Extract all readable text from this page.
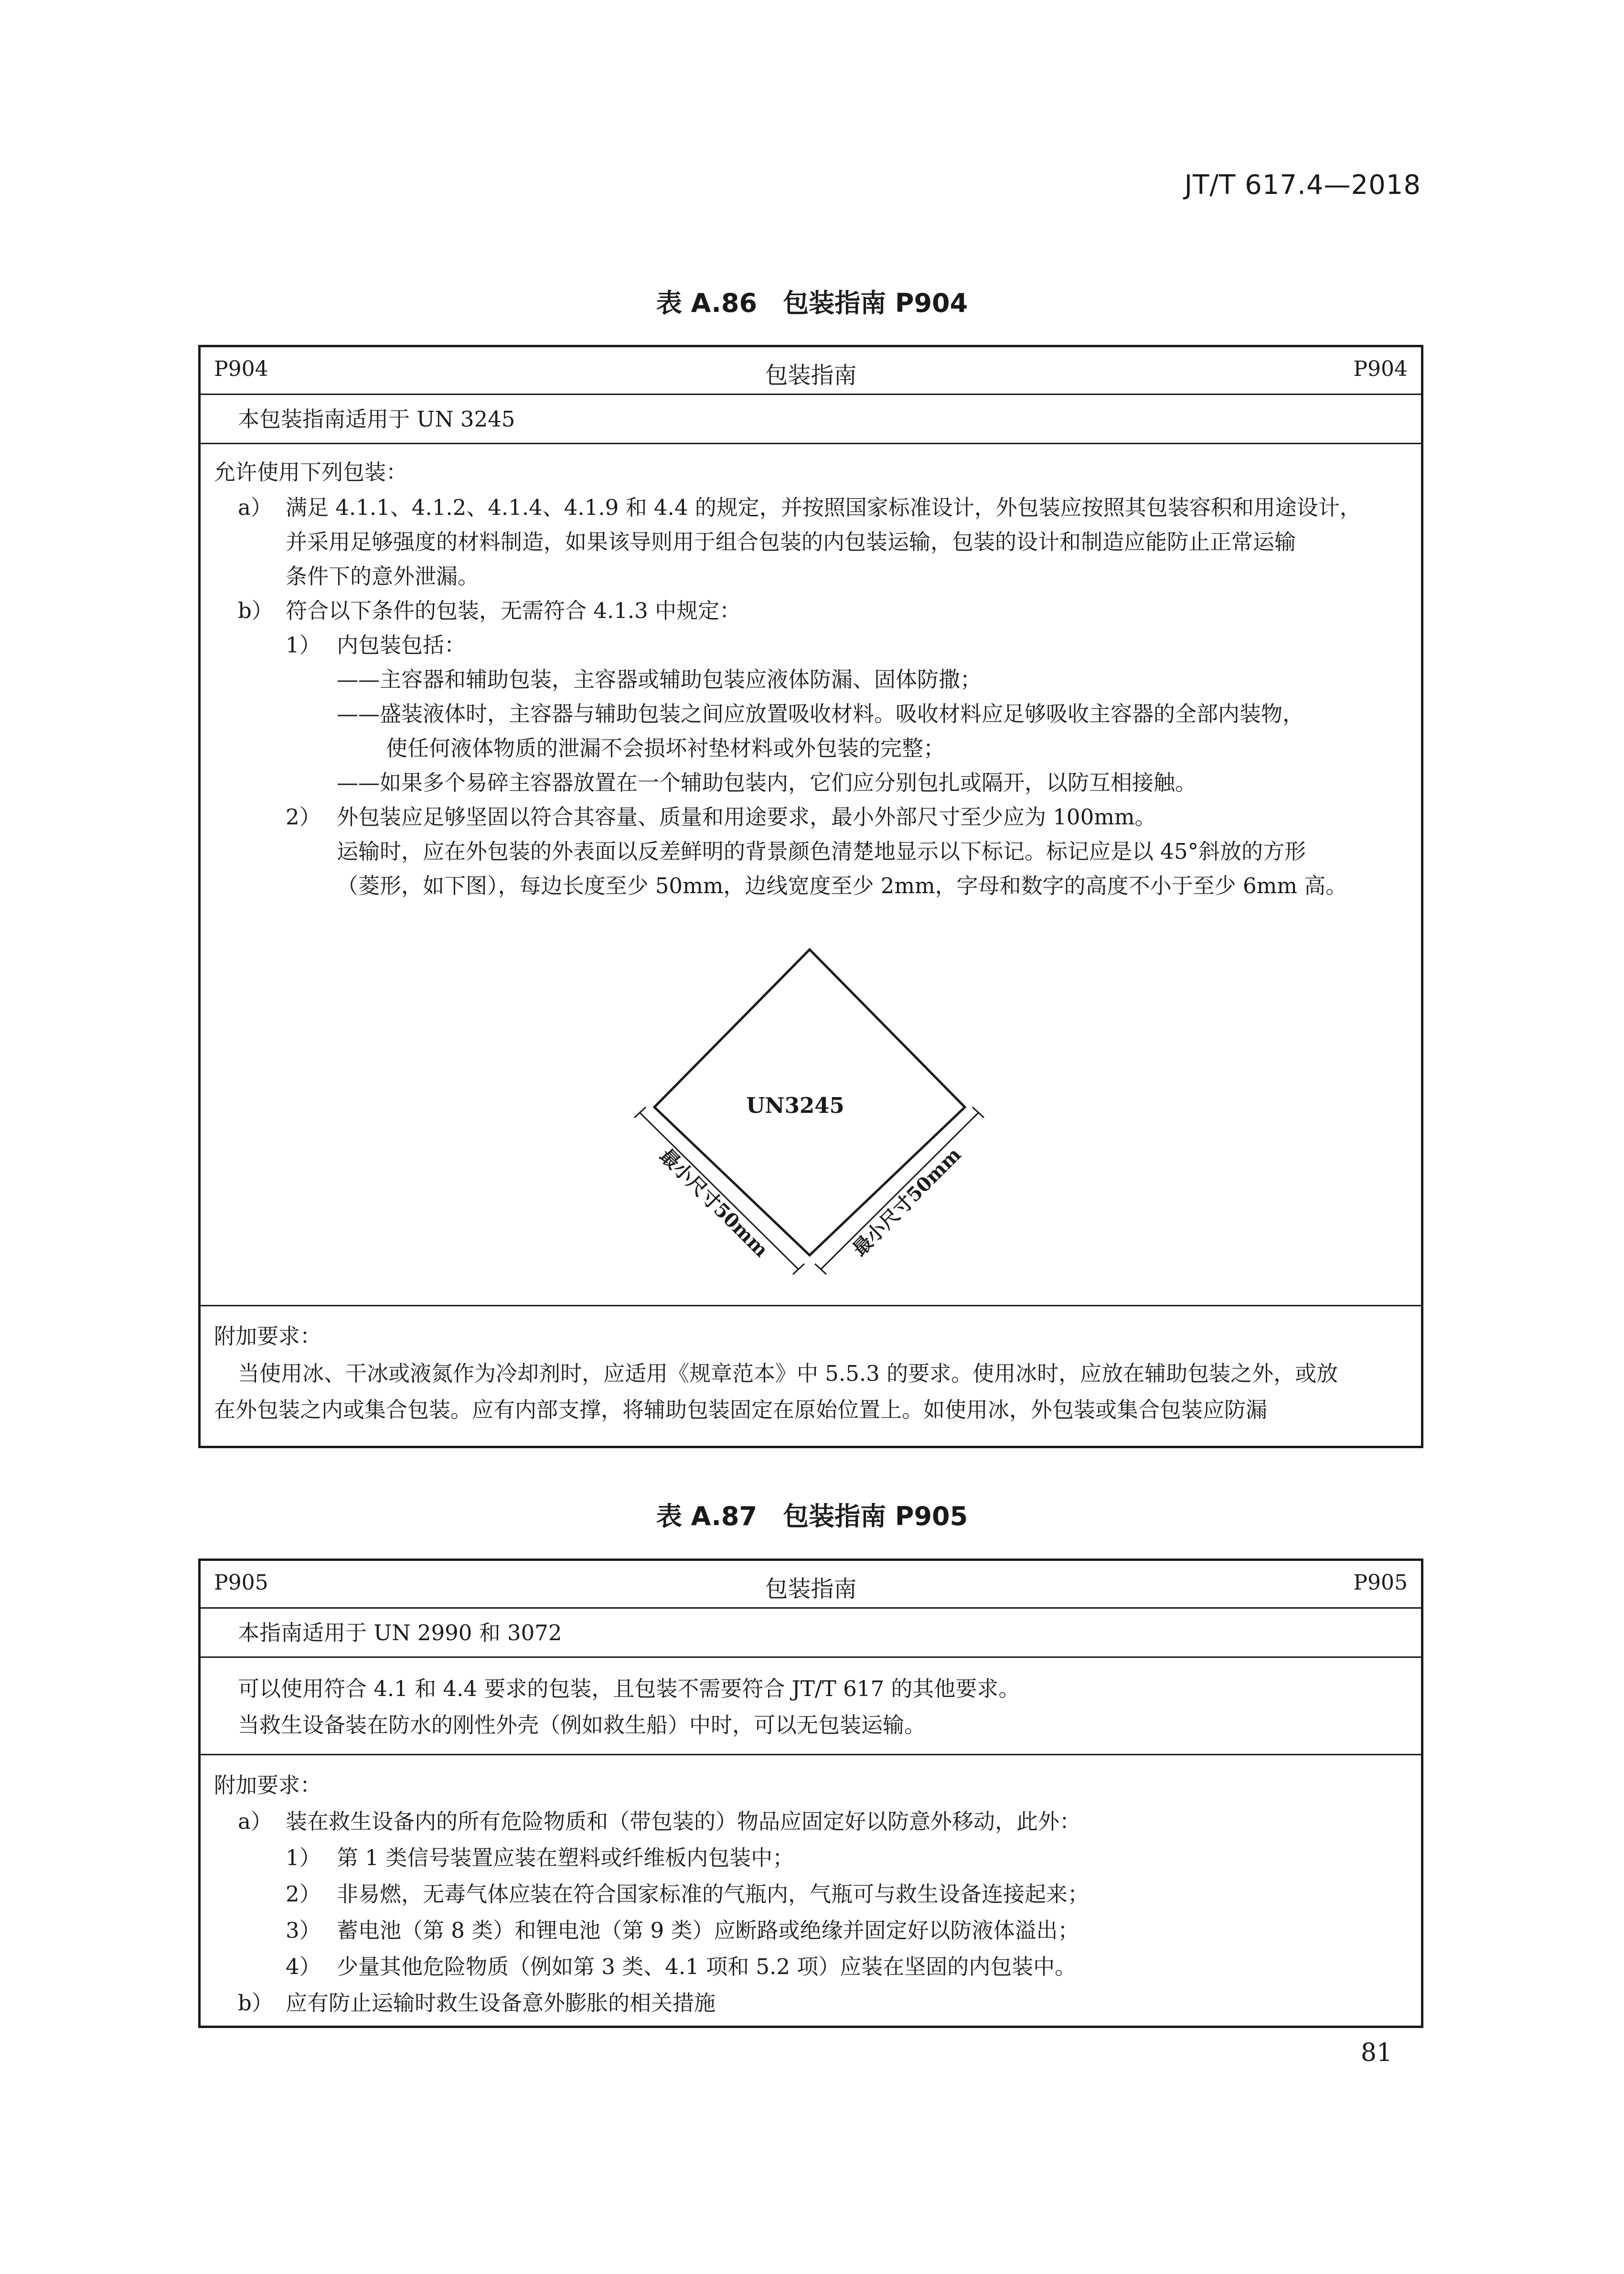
JT/T 617.4—2018
表 A.86　包装指南 P904
P904	包装指南	P904
本包装指南适用于 UN 3245
允许使用下列包装：
a） 满足 4.1.1、4.1.2、4.1.4、4.1.9 和 4.4 的规定，并按照国家标准设计，外包装应按照其包装容积和用途设计，
并采用足够强度的材料制造，如果该导则用于组合包装的内包装运输，包装的设计和制造应能防止正常运输
条件下的意外泄漏。
b） 符合以下条件的包装，无需符合 4.1.3 中规定：
1） 内包装包括：
——主容器和辅助包装，主容器或辅助包装应液体防漏、固体防撒；
——盛装液体时，主容器与辅助包装之间应放置吸收材料。吸收材料应足够吸收主容器的全部内装物，
使任何液体物质的泄漏不会损坏衬垫材料或外包装的完整；
——如果多个易碎主容器放置在一个辅助包装内，它们应分别包扎或隔开，以防互相接触。
2） 外包装应足够坚固以符合其容量、质量和用途要求，最小外部尺寸至少应为 100mm。
运输时，应在外包装的外表面以反差鲜明的背景颜色清楚地显示以下标记。标记应是以 45°斜放的方形
（菱形，如下图），每边长度至少 50mm，边线宽度至少 2mm，字母和数字的高度不小于至少 6mm 高。
附加要求：
当使用冰、干冰或液氮作为冷却剂时，应适用《规章范本》中 5.5.3 的要求。使用冰时，应放在辅助包装之外，或放
在外包装之内或集合包装。应有内部支撑，将辅助包装固定在原始位置上。如使用冰，外包装或集合包装应防漏
UN3245
最小尺寸50mm	最小尺寸50mm
表 A.87　包装指南 P905
P905	包装指南	P905
本指南适用于 UN 2990 和 3072
可以使用符合 4.1 和 4.4 要求的包装，且包装不需要符合 JT/T 617 的其他要求。
当救生设备装在防水的刚性外壳（例如救生船）中时，可以无包装运输。
附加要求：
a） 装在救生设备内的所有危险物质和（带包装的）物品应固定好以防意外移动，此外：
1） 第 1 类信号装置应装在塑料或纤维板内包装中；
2） 非易燃，无毒气体应装在符合国家标准的气瓶内，气瓶可与救生设备连接起来；
3） 蓄电池（第 8 类）和锂电池（第 9 类）应断路或绝缘并固定好以防液体溢出；
4） 少量其他危险物质（例如第 3 类、4.1 项和 5.2 项）应装在坚固的内包装中。
b） 应有防止运输时救生设备意外膨胀的相关措施
81
